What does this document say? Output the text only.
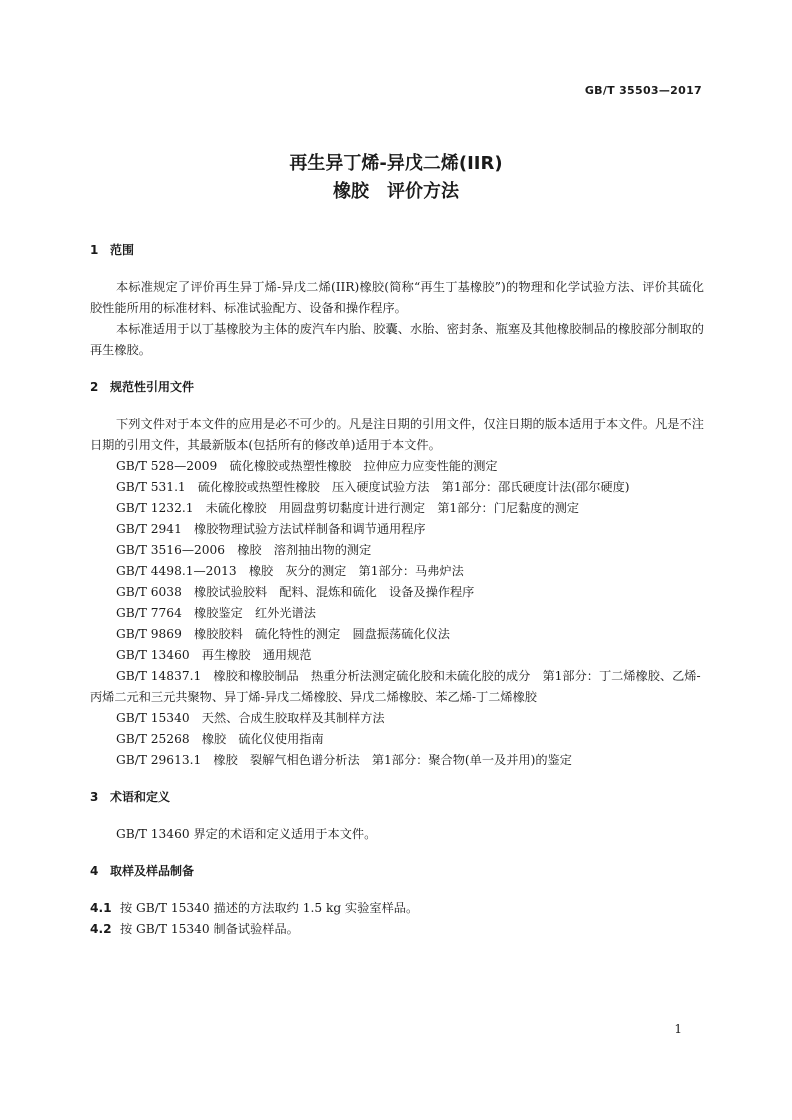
GB/T 35503—2017
再生异丁烯-异戊二烯(IIR)
橡胶　评价方法
1 范围
本标准规定了评价再生异丁烯-异戊二烯(IIR)橡胶(简称“再生丁基橡胶”)的物理和化学试验方法、评价其硫化胶性能所用的标准材料、标准试验配方、设备和操作程序。
本标准适用于以丁基橡胶为主体的废汽车内胎、胶囊、水胎、密封条、瓶塞及其他橡胶制品的橡胶部分制取的再生橡胶。
2 规范性引用文件
下列文件对于本文件的应用是必不可少的。凡是注日期的引用文件，仅注日期的版本适用于本文件。凡是不注日期的引用文件，其最新版本(包括所有的修改单)适用于本文件。
GB/T 528—2009　硫化橡胶或热塑性橡胶　拉伸应力应变性能的测定
GB/T 531.1　硫化橡胶或热塑性橡胶　压入硬度试验方法　第1部分：邵氏硬度计法(邵尔硬度)
GB/T 1232.1　未硫化橡胶　用圆盘剪切黏度计进行测定　第1部分：门尼黏度的测定
GB/T 2941　橡胶物理试验方法试样制备和调节通用程序
GB/T 3516—2006　橡胶　溶剂抽出物的测定
GB/T 4498.1—2013　橡胶　灰分的测定　第1部分：马弗炉法
GB/T 6038　橡胶试验胶料　配料、混炼和硫化　设备及操作程序
GB/T 7764　橡胶鉴定　红外光谱法
GB/T 9869　橡胶胶料　硫化特性的测定　圆盘振荡硫化仪法
GB/T 13460　再生橡胶　通用规范
GB/T 14837.1　橡胶和橡胶制品　热重分析法测定硫化胶和未硫化胶的成分　第1部分：丁二烯橡胶、乙烯-丙烯二元和三元共聚物、异丁烯-异戊二烯橡胶、异戊二烯橡胶、苯乙烯-丁二烯橡胶
GB/T 15340　天然、合成生胶取样及其制样方法
GB/T 25268　橡胶　硫化仪使用指南
GB/T 29613.1　橡胶　裂解气相色谱分析法　第1部分：聚合物(单一及并用)的鉴定
3 术语和定义
GB/T 13460 界定的术语和定义适用于本文件。
4 取样及样品制备
4.1 按 GB/T 15340 描述的方法取约 1.5 kg 实验室样品。
4.2 按 GB/T 15340 制备试验样品。
1
